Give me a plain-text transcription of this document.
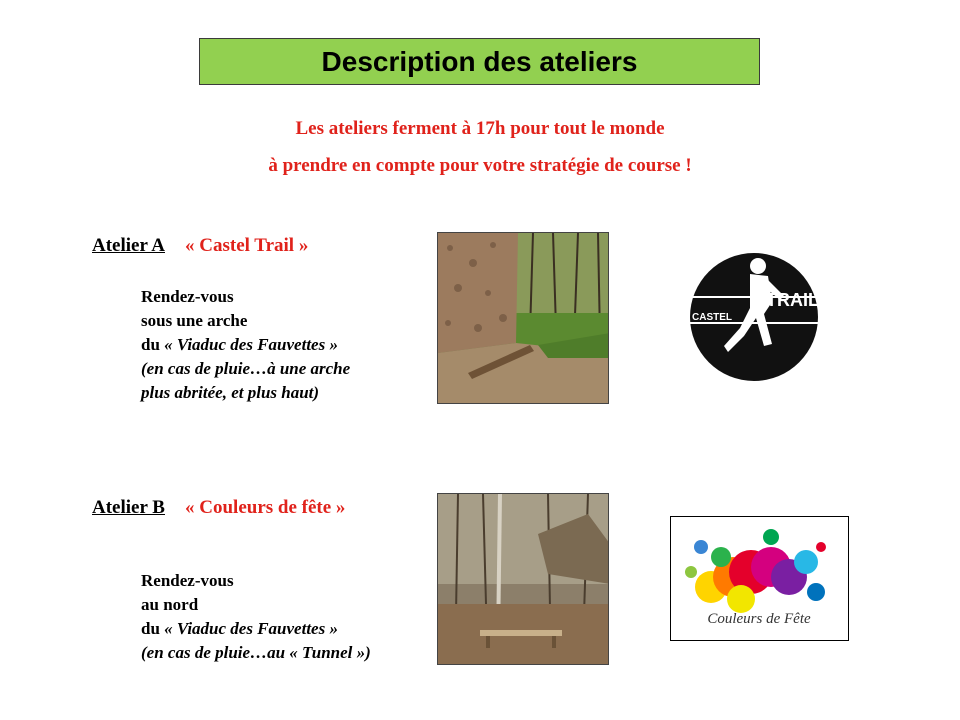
Description des ateliers
Les ateliers ferment à 17h pour tout le monde
à prendre en compte pour votre stratégie de course !
Atelier A « Castel Trail »
Rendez-vous
sous une arche
du « Viaduc des Fauvettes »
(en cas de pluie…à une arche
plus abritée, et plus haut)
TRAIL
CASTEL
Atelier B « Couleurs de fête »
Rendez-vous
au nord
du « Viaduc des Fauvettes »
(en cas de pluie…au « Tunnel »)
Couleurs de Fête
